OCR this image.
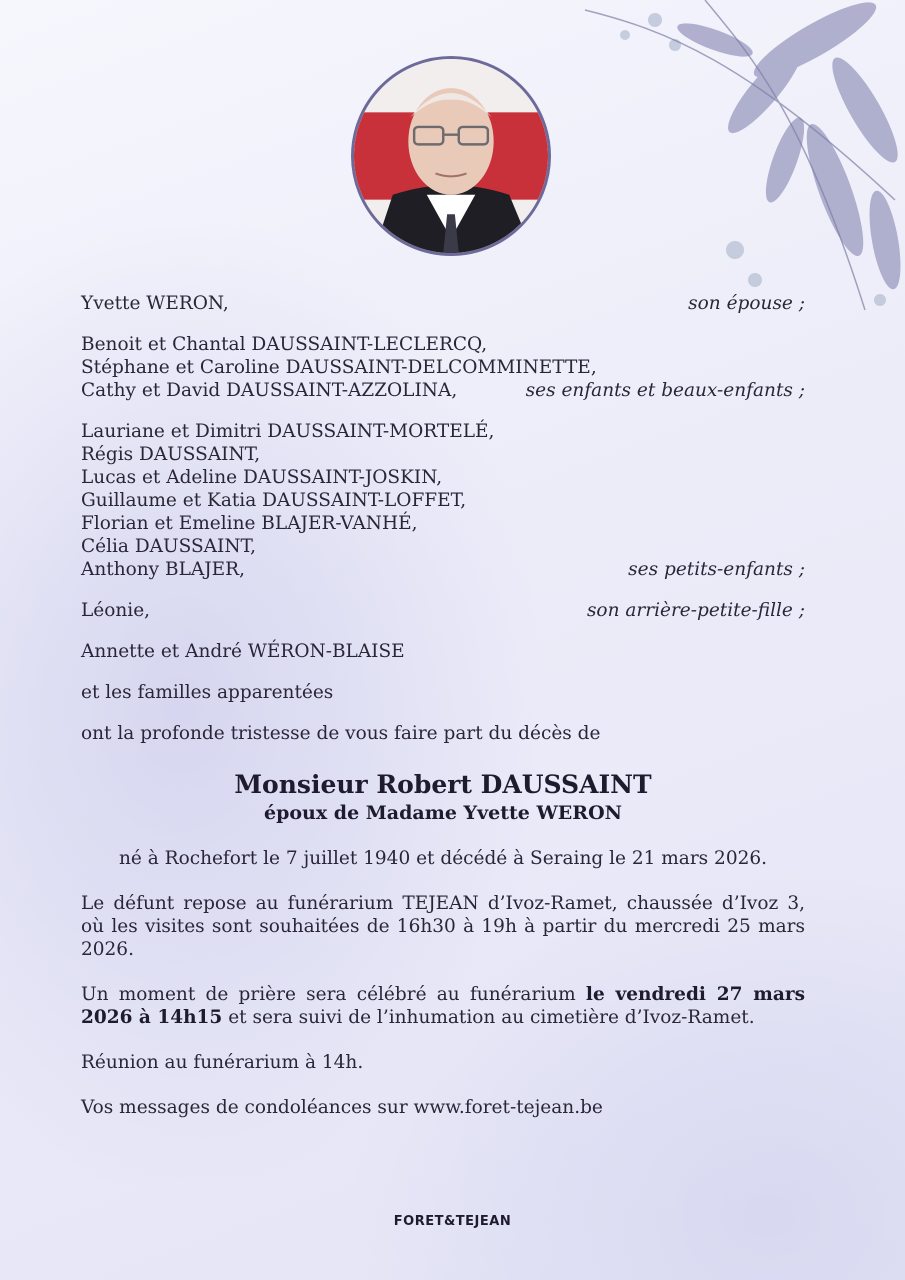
Yvette WERON,	son épouse ;
Benoit et Chantal DAUSSAINT-LECLERCQ,
Stéphane et Caroline DAUSSAINT-DELCOMMINETTE,
Cathy et David DAUSSAINT-AZZOLINA,	ses enfants et beaux-enfants ;
Lauriane et Dimitri DAUSSAINT-MORTELÉ,
Régis DAUSSAINT,
Lucas et Adeline DAUSSAINT-JOSKIN,
Guillaume et Katia DAUSSAINT-LOFFET,
Florian et Emeline BLAJER-VANHÉ,
Célia DAUSSAINT,
Anthony BLAJER,	ses petits-enfants ;
Léonie,	son arrière-petite-fille ;
Annette et André WÉRON-BLAISE
et les familles apparentées
ont la profonde tristesse de vous faire part du décès de
Monsieur Robert DAUSSAINT
époux de Madame Yvette WERON
né à Rochefort le 7 juillet 1940 et décédé à Seraing le 21 mars 2026.
Le défunt repose au funérarium TEJEAN d’Ivoz-Ramet, chaussée d’Ivoz 3, où les visites sont souhaitées de 16h30 à 19h à partir du mercredi 25 mars 2026.
Un moment de prière sera célébré au funérarium le vendredi 27 mars 2026 à 14h15 et sera suivi de l’inhumation au cimetière d’Ivoz-Ramet.
Réunion au funérarium à 14h.
Vos messages de condoléances sur www.foret-tejean.be
FORET&TEJEAN
